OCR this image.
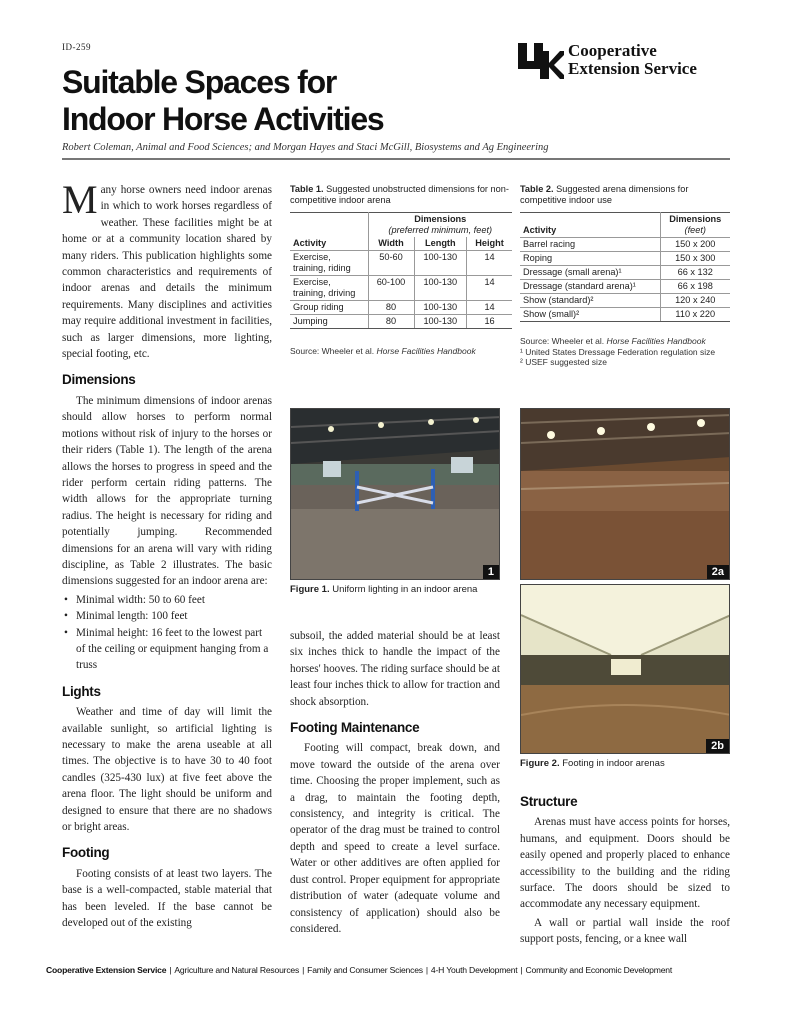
ID-259	Cooperative
Extension Service
Suitable Spaces for
Indoor Horse Activities
Robert Coleman, Animal and Food Sciences; and Morgan Hayes and Staci McGill, Biosystems and Ag Engineering

Many horse owners need indoor arenas in which to work horses regardless of weather. These facilities might be at home or at a community location shared by many riders. This publication highlights some common characteristics and requirements of indoor arenas and details the minimum requirements. Many disciplines and activities may require additional investment in facilities, such as larger dimensions, more lighting, special footing, etc.

Dimensions

The minimum dimensions of indoor arenas should allow horses to perform normal motions without risk of injury to the horses or their riders (Table 1). The length of the arena allows the horses to progress in speed and the rider perform certain riding patterns. The width allows for the appropriate turning radius. The height is necessary for riding and potentially jumping. Recommended dimensions for an arena will vary with riding discipline, as Table 2 illustrates. The basic dimensions suggested for an indoor arena are:

• Minimal width: 50 to 60 feet
• Minimal length: 100 feet
• Minimal height: 16 feet to the lowest part of the ceiling or equipment hanging from a truss
Lights

Weather and time of day will limit the available sunlight, so artificial lighting is necessary to make the arena useable at all times. The objective is to have 30 to 40 foot candles (325-430 lux) at five feet above the arena floor. The light should be uniform and designed to ensure that there are no shadows or bright areas.

Footing

Footing consists of at least two layers. The base is a well-compacted, stable material that has been leveled. If the base cannot be developed out of the existing

Table 1. Suggested unobstructed dimensions for non-competitive indoor arena

	Dimensions
(preferred minimum, feet)		

Activity	Width	Length	Height
Exercise, training, riding	50-60	100-130	14
Exercise, training, driving	60-100	100-130	14
Group riding	80	100-130	14
Jumping	80	100-130	16
Source: Wheeler et al. Horse Facilities Handbook
Table 2. Suggested arena dimensions for competitive indoor use
Activity	Dimensions
(feet)

Barrel racing	150 x 200
Roping	150 x 300
Dressage (small arena)¹	66 x 132
Dressage (standard arena)¹	66 x 198
Show (standard)²	120 x 240
Show (small)²	110 x 220
Source: Wheeler et al. Horse Facilities Handbook
¹ United States Dressage Federation regulation size
² USEF suggested size
1
Figure 1. Uniform lighting in an indoor arena
2a
2b
Figure 2. Footing in indoor arenas

subsoil, the added material should be at least six inches thick to handle the impact of the horses' hooves. The riding surface should be at least four inches thick to allow for traction and shock absorption.

Footing Maintenance

Footing will compact, break down, and move toward the outside of the arena over time. Choosing the proper implement, such as a drag, to maintain the footing depth, consistency, and integrity is critical. The operator of the drag must be trained to control depth and speed to create a level surface. Water or other additives are often applied for dust control. Proper equipment for appropriate distribution of water (adequate volume and consistency of application) should also be considered.

Structure

Arenas must have access points for horses, humans, and equipment. Doors should be easily opened and properly placed to enhance accessibility to the building and the riding surface. The doors should be sized to accommodate any necessary equipment.

A wall or partial wall inside the roof support posts, fencing, or a knee wall

Cooperative Extension Service | Agriculture and Natural Resources | Family and Consumer Sciences | 4-H Youth Development | Community and Economic Development
